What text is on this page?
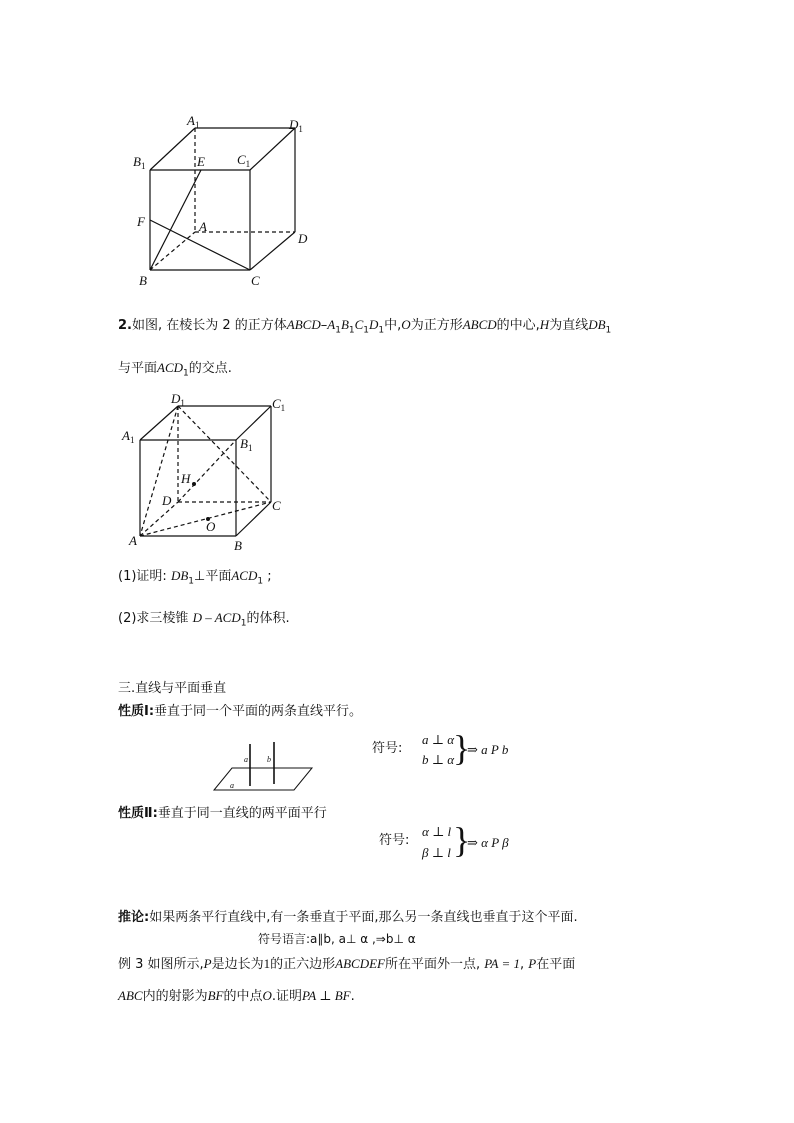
$A_1$	$D_1$
$B_1$	$C_1$
E
F	A
D
B	C
2.如图, 在棱长为 2 的正方体ABCD–$A_1B_1C_1D_1$中,O为正方形ABCD的中心,H为直线$DB_1$
与平面$ACD_1$的交点.
$D_1$	$C_1$
$A_1$	$B_1$
H
D	C
O
A	B
(1)证明: $DB_1\perp$平面$ACD_1$ ;
(2)求三棱锥 D – $ACD_1$的体积.
三.直线与平面垂直
性质Ⅰ:垂直于同一个平面的两条直线平行。
a b
a
符号:
a ⊥ α
b ⊥ α
}
⇒ a P b
性质Ⅱ:垂直于同一直线的两平面平行
符号:
α ⊥ l
β ⊥ l }
⇒ α P β
推论:如果两条平行直线中,有一条垂直于平面,那么另一条直线也垂直于这个平面.
符号语言:a∥b, a⊥ α ,⇒b⊥ α
例 3 如图所示,P是边长为1的正六边形ABCDEF所在平面外一点, PA = 1, P在平面
ABC内的射影为BF的中点O.证明PA ⊥ BF.
